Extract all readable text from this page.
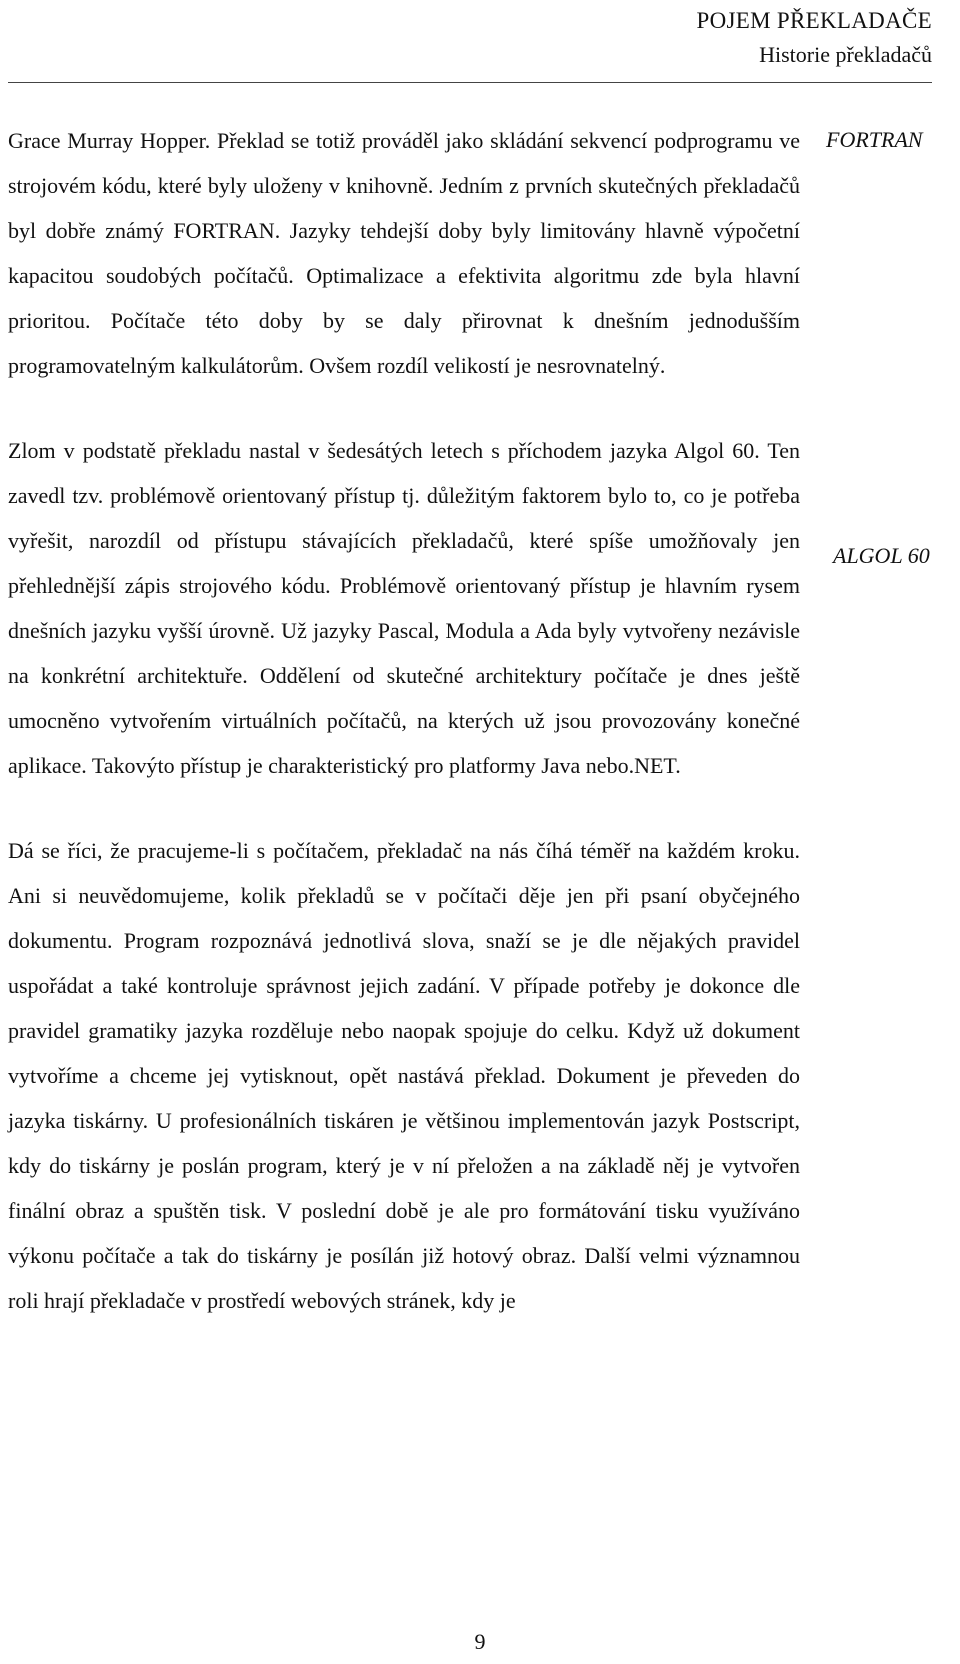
POJEM PŘEKLADAČE
Historie překladačů

Grace Murray Hopper. Překlad se totiž prováděl jako skládání sekvencí podprogramu ve strojovém kódu, které byly uloženy v knihovně. Jedním z prvních skutečných překladačů byl dobře známý FORTRAN. Jazyky tehdejší doby byly limitovány hlavně výpočetní kapacitou soudobých počítačů. Optimalizace a efektivita algoritmu zde byla hlavní prioritou. Počítače této doby by se daly přirovnat k dnešním jednodušším programovatelným kalkulátorům. Ovšem rozdíl velikostí je nesrovnatelný.

Zlom v podstatě překladu nastal v šedesátých letech s příchodem jazyka Algol 60. Ten zavedl tzv. problémově orientovaný přístup tj. důležitým faktorem bylo to, co je potřeba vyřešit, narozdíl od přístupu stávajících překladačů, které spíše umožňovaly jen přehlednější zápis strojového kódu. Problémově orientovaný přístup je hlavním rysem dnešních jazyku vyšší úrovně. Už jazyky Pascal, Modula a Ada byly vytvořeny nezávisle na konkrétní architektuře. Oddělení od skutečné architektury počítače je dnes ještě umocněno vytvořením virtuálních počítačů, na kterých už jsou provozovány konečné aplikace. Takovýto přístup je charakteristický pro platformy Java nebo.NET.

Dá se říci, že pracujeme-li s počítačem, překladač na nás číhá téměř na každém kroku. Ani si neuvědomujeme, kolik překladů se v počítači děje jen při psaní obyčejného dokumentu. Program rozpoznává jednotlivá slova, snaží se je dle nějakých pravidel uspořádat a také kontroluje správnost jejich zadání. V případe potřeby je dokonce dle pravidel gramatiky jazyka rozděluje nebo naopak spojuje do celku. Když už dokument vytvoříme a chceme jej vytisknout, opět nastává překlad. Dokument je převeden do jazyka tiskárny. U profesionálních tiskáren je většinou implementován jazyk Postscript, kdy do tiskárny je poslán program, který je v ní přeložen a na základě něj je vytvořen finální obraz a spuštěn tisk. V poslední době je ale pro formátování tisku využíváno výkonu počítače a tak do tiskárny je posílán již hotový obraz. Další velmi významnou roli hrají překladače v prostředí webových stránek, kdy je

FORTRAN
ALGOL 60
9
